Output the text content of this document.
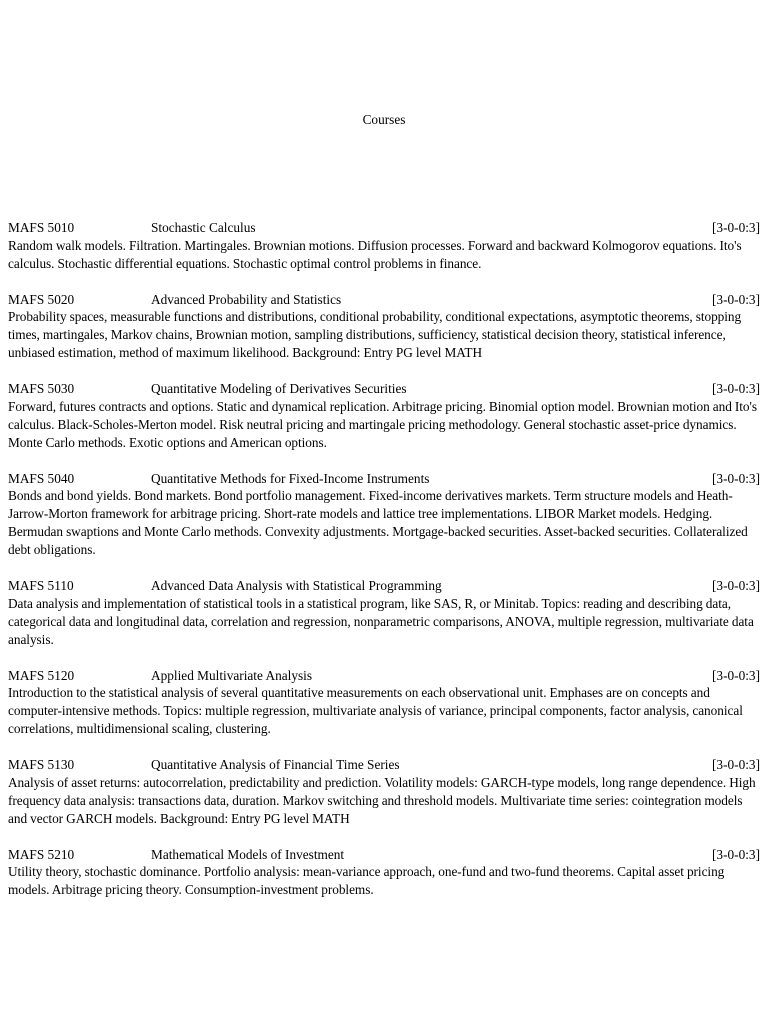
Courses
MAFS 5010	Stochastic Calculus	[3-0-0:3]
Random walk models. Filtration. Martingales. Brownian motions. Diffusion processes. Forward and backward Kolmogorov equations. Ito's calculus. Stochastic differential equations. Stochastic optimal control problems in finance.
MAFS 5020	Advanced Probability and Statistics	[3-0-0:3]
Probability spaces, measurable functions and distributions, conditional probability, conditional expectations, asymptotic theorems, stopping times, martingales, Markov chains, Brownian motion, sampling distributions, sufficiency, statistical decision theory, statistical inference, unbiased estimation, method of maximum likelihood. Background: Entry PG level MATH
MAFS 5030	Quantitative Modeling of Derivatives Securities	[3-0-0:3]
Forward, futures contracts and options. Static and dynamical replication. Arbitrage pricing. Binomial option model. Brownian motion and Ito's calculus. Black-Scholes-Merton model. Risk neutral pricing and martingale pricing methodology. General stochastic asset-price dynamics. Monte Carlo methods. Exotic options and American options.
MAFS 5040	Quantitative Methods for Fixed-Income Instruments	[3-0-0:3]
Bonds and bond yields. Bond markets. Bond portfolio management. Fixed-income derivatives markets. Term structure models and Heath-Jarrow-Morton framework for arbitrage pricing. Short-rate models and lattice tree implementations. LIBOR Market models. Hedging. Bermudan swaptions and Monte Carlo methods. Convexity adjustments. Mortgage-backed securities. Asset-backed securities. Collateralized debt obligations.
MAFS 5110	Advanced Data Analysis with Statistical Programming	[3-0-0:3]
Data analysis and implementation of statistical tools in a statistical program, like SAS, R, or Minitab. Topics: reading and describing data, categorical data and longitudinal data, correlation and regression, nonparametric comparisons, ANOVA, multiple regression, multivariate data analysis.
MAFS 5120	Applied Multivariate Analysis	[3-0-0:3]
Introduction to the statistical analysis of several quantitative measurements on each observational unit. Emphases are on concepts and computer-intensive methods. Topics: multiple regression, multivariate analysis of variance, principal components, factor analysis, canonical correlations, multidimensional scaling, clustering.
MAFS 5130	Quantitative Analysis of Financial Time Series	[3-0-0:3]
Analysis of asset returns: autocorrelation, predictability and prediction. Volatility models: GARCH-type models, long range dependence. High frequency data analysis: transactions data, duration. Markov switching and threshold models. Multivariate time series: cointegration models and vector GARCH models. Background: Entry PG level MATH
MAFS 5210	Mathematical Models of Investment	[3-0-0:3]
Utility theory, stochastic dominance. Portfolio analysis: mean-variance approach, one-fund and two-fund theorems. Capital asset pricing models. Arbitrage pricing theory. Consumption-investment problems.
